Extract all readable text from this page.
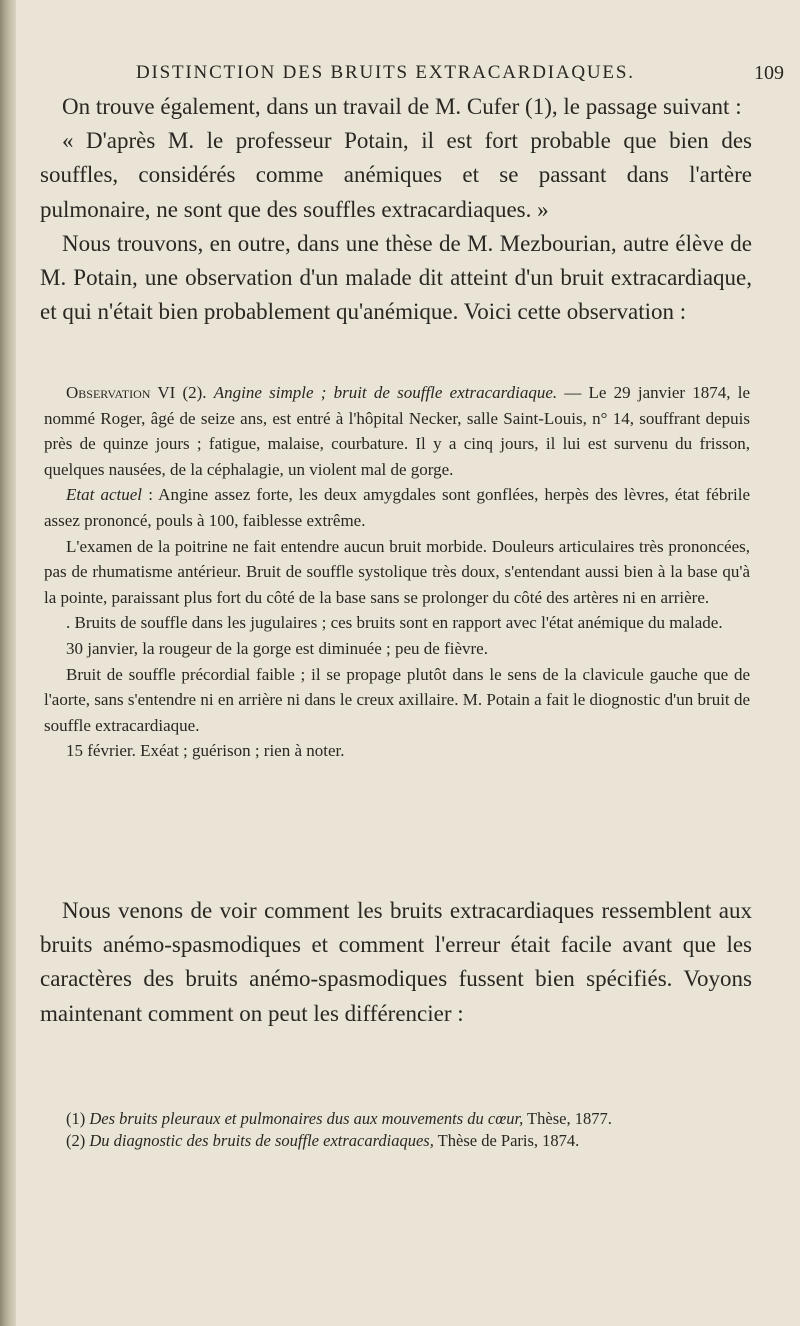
DISTINCTION DES BRUITS EXTRACARDIAQUES.	109

On trouve également, dans un travail de M. Cufer (1), le passage suivant :

« D'après M. le professeur Potain, il est fort probable que bien des souffles, considérés comme anémiques et se passant dans l'artère pulmonaire, ne sont que des souffles extracardiaques. »

Nous trouvons, en outre, dans une thèse de M. Mezbourian, autre élève de M. Potain, une observation d'un malade dit atteint d'un bruit extracardiaque, et qui n'était bien probablement qu'anémique. Voici cette observation :

Observation VI (2). Angine simple ; bruit de souffle extracardiaque. — Le 29 janvier 1874, le nommé Roger, âgé de seize ans, est entré à l'hôpital Necker, salle Saint-Louis, n° 14, souffrant depuis près de quinze jours ; fatigue, malaise, courbature. Il y a cinq jours, il lui est survenu du frisson, quelques nausées, de la céphalagie, un violent mal de gorge.

Etat actuel : Angine assez forte, les deux amygdales sont gonflées, herpès des lèvres, état fébrile assez prononcé, pouls à 100, faiblesse extrême.

L'examen de la poitrine ne fait entendre aucun bruit morbide. Douleurs articulaires très prononcées, pas de rhumatisme antérieur. Bruit de souffle systolique très doux, s'entendant aussi bien à la base qu'à la pointe, paraissant plus fort du côté de la base sans se prolonger du côté des artères ni en arrière.

. Bruits de souffle dans les jugulaires ; ces bruits sont en rapport avec l'état anémique du malade.

30 janvier, la rougeur de la gorge est diminuée ; peu de fièvre.

Bruit de souffle précordial faible ; il se propage plutôt dans le sens de la clavicule gauche que de l'aorte, sans s'entendre ni en arrière ni dans le creux axillaire. M. Potain a fait le diognostic d'un bruit de souffle extracardiaque.

15 février. Exéat ; guérison ; rien à noter.

Nous venons de voir comment les bruits extracardiaques ressemblent aux bruits anémo-spasmodiques et comment l'erreur était facile avant que les caractères des bruits anémo-spasmodiques fussent bien spécifiés. Voyons maintenant comment on peut les différencier :

(1) Des bruits pleuraux et pulmonaires dus aux mouvements du cœur, Thèse, 1877.

(2) Du diagnostic des bruits de souffle extracardiaques, Thèse de Paris, 1874.
